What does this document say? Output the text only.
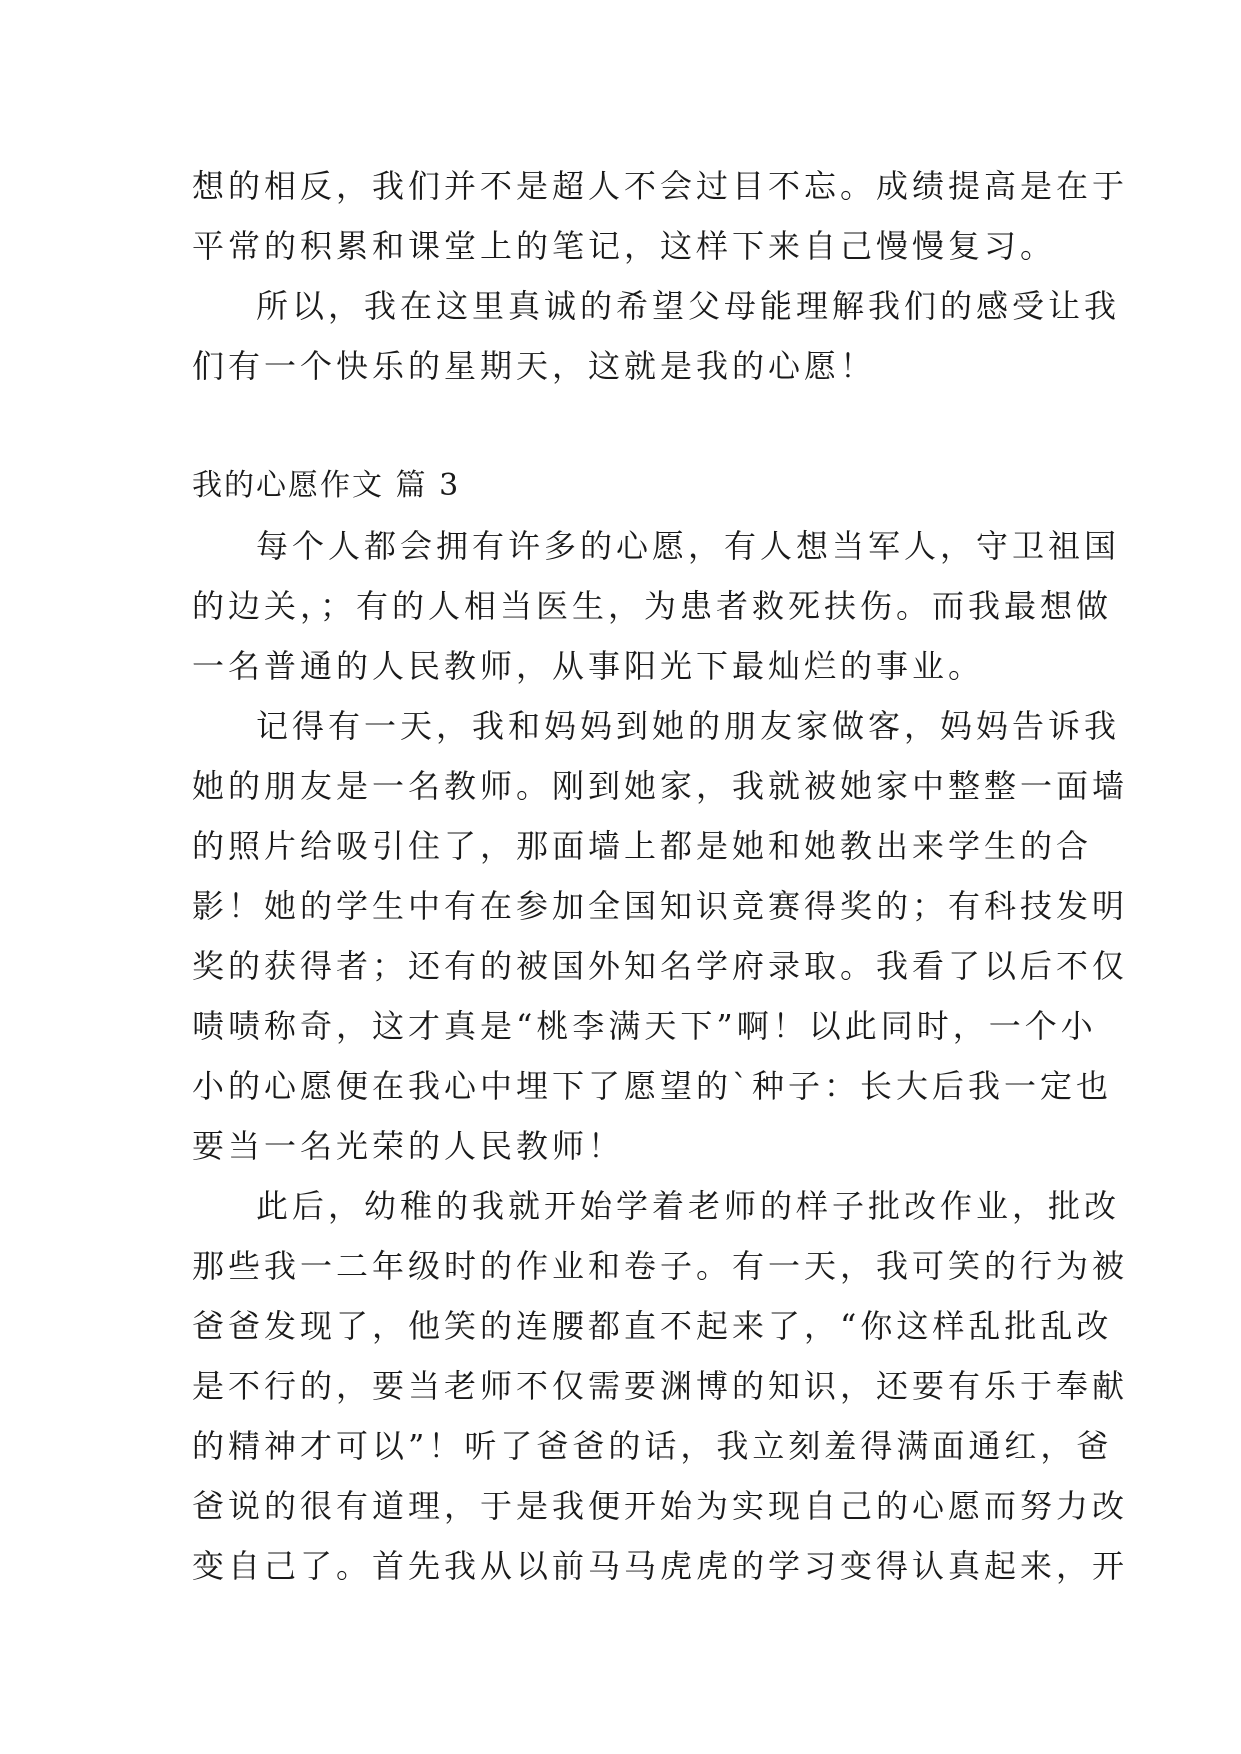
想的相反，我们并不是超人不会过目不忘。成绩提高是在于
平常的积累和课堂上的笔记，这样下来自己慢慢复习。
所以，我在这里真诚的希望父母能理解我们的感受让我
们有一个快乐的星期天，这就是我的心愿！
我的心愿作文 篇 3
每个人都会拥有许多的心愿，有人想当军人，守卫祖国
的边关，；有的人相当医生，为患者救死扶伤。而我最想做
一名普通的人民教师，从事阳光下最灿烂的事业。
记得有一天，我和妈妈到她的朋友家做客，妈妈告诉我
她的朋友是一名教师。刚到她家，我就被她家中整整一面墙
的照片给吸引住了，那面墙上都是她和她教出来学生的合
影！她的学生中有在参加全国知识竞赛得奖的；有科技发明
奖的获得者；还有的被国外知名学府录取。我看了以后不仅
啧啧称奇，这才真是“桃李满天下”啊！以此同时，一个小
小的心愿便在我心中埋下了愿望的`种子：长大后我一定也
要当一名光荣的人民教师！
此后，幼稚的我就开始学着老师的样子批改作业，批改
那些我一二年级时的作业和卷子。有一天，我可笑的行为被
爸爸发现了，他笑的连腰都直不起来了，“你这样乱批乱改
是不行的，要当老师不仅需要渊博的知识，还要有乐于奉献
的精神才可以”！听了爸爸的话，我立刻羞得满面通红，爸
爸说的很有道理，于是我便开始为实现自己的心愿而努力改
变自己了。首先我从以前马马虎虎的学习变得认真起来，开
